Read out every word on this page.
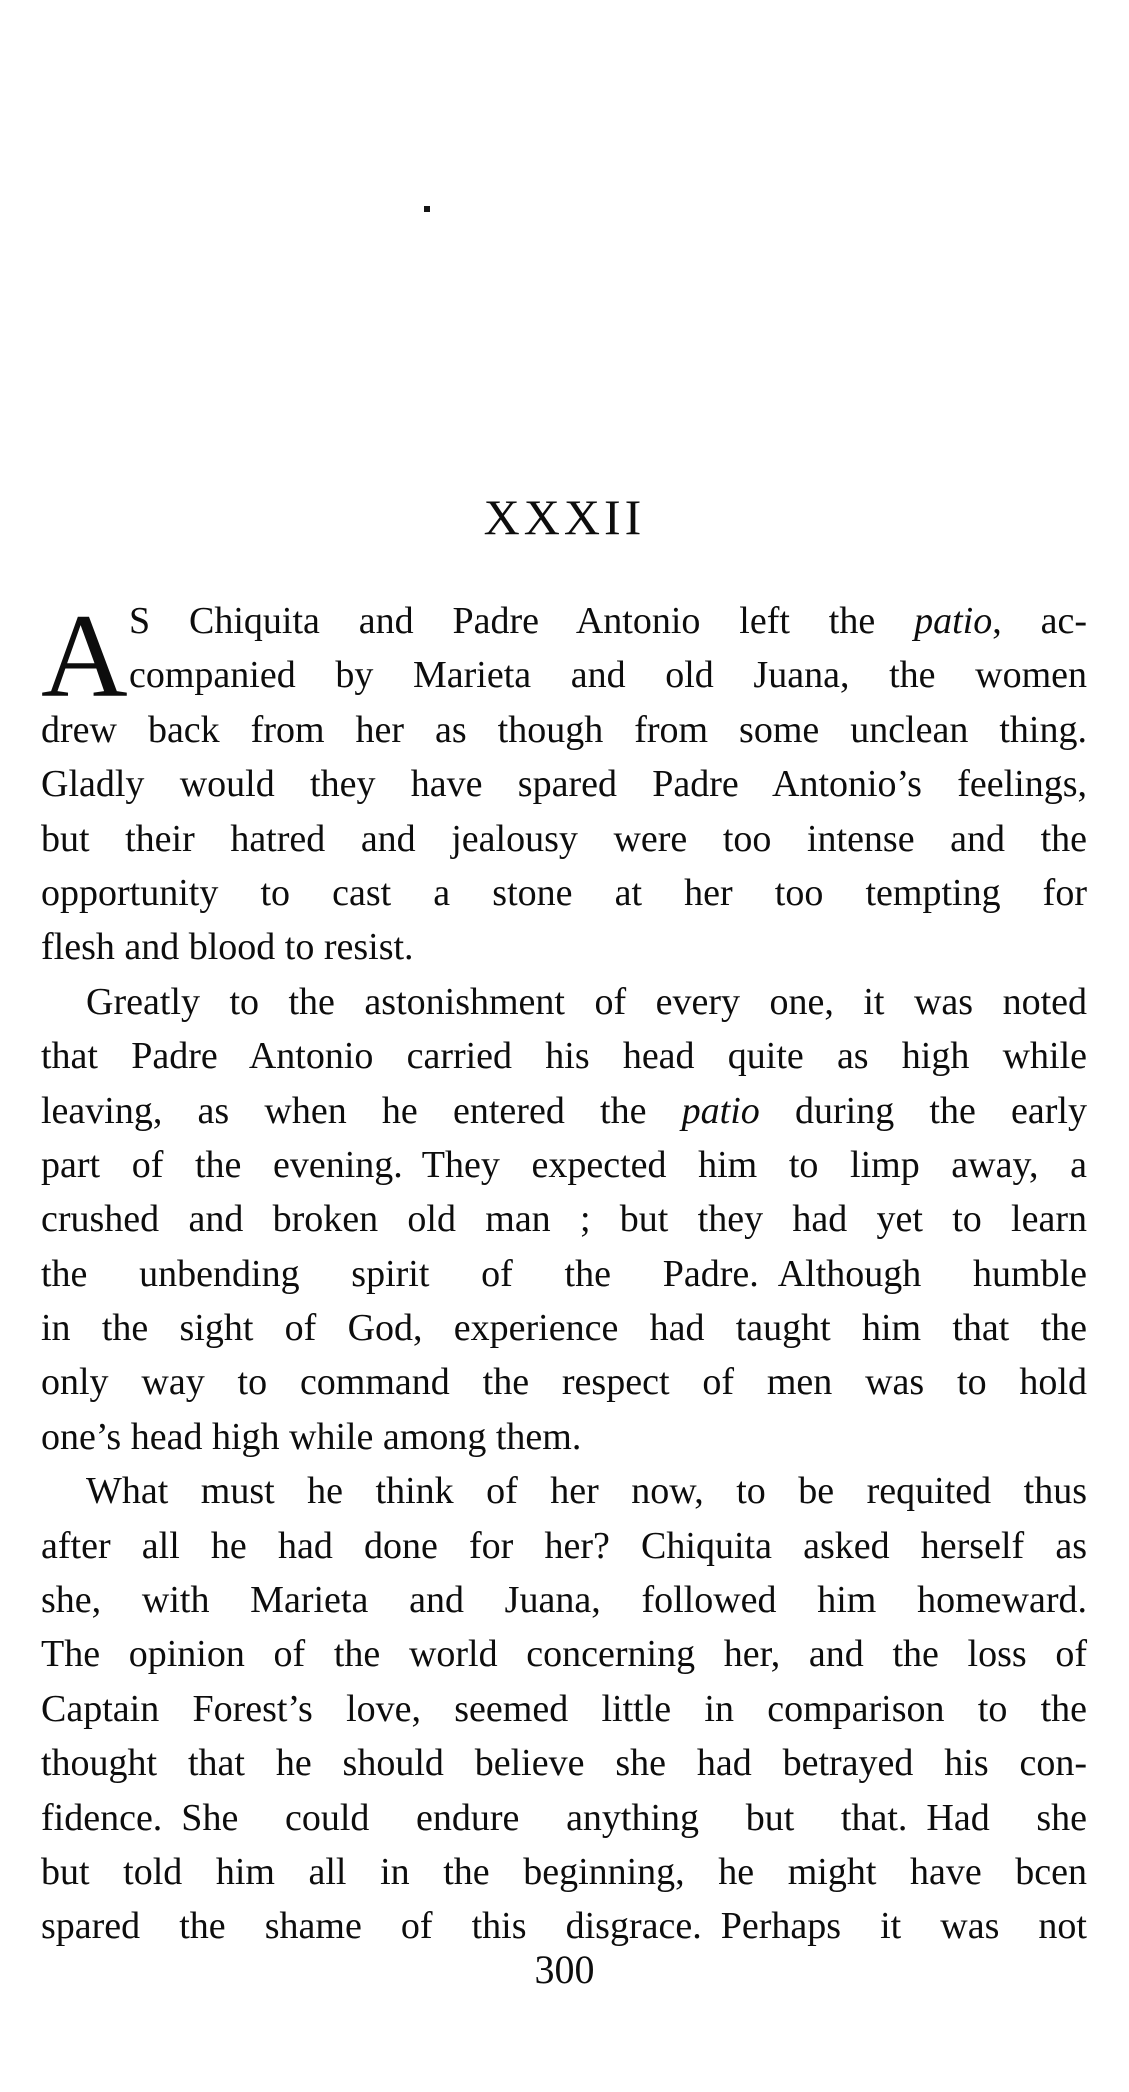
XXXII
A S Chiquita and Padre Antonio left the patio, ac-
companied by Marieta and old Juana, the women
drew back from her as though from some unclean thing.
Gladly would they have spared Padre Antonio’s feelings,
but their hatred and jealousy were too intense and the
opportunity to cast a stone at her too tempting for
flesh and blood to resist.
Greatly to the astonishment of every one, it was noted
that Padre Antonio carried his head quite as high while
leaving, as when he entered the patio during the early
part of the evening. They expected him to limp away, a
crushed and broken old man ; but they had yet to learn
the unbending spirit of the Padre. Although humble
in the sight of God, experience had taught him that the
only way to command the respect of men was to hold
one’s head high while among them.
What must he think of her now, to be requited thus
after all he had done for her? Chiquita asked herself as
she, with Marieta and Juana, followed him homeward.
The opinion of the world concerning her, and the loss of
Captain Forest’s love, seemed little in comparison to the
thought that he should believe she had betrayed his con-
fidence. She could endure anything but that. Had she
but told him all in the beginning, he might have bcen
spared the shame of this disgrace. Perhaps it was not
300
